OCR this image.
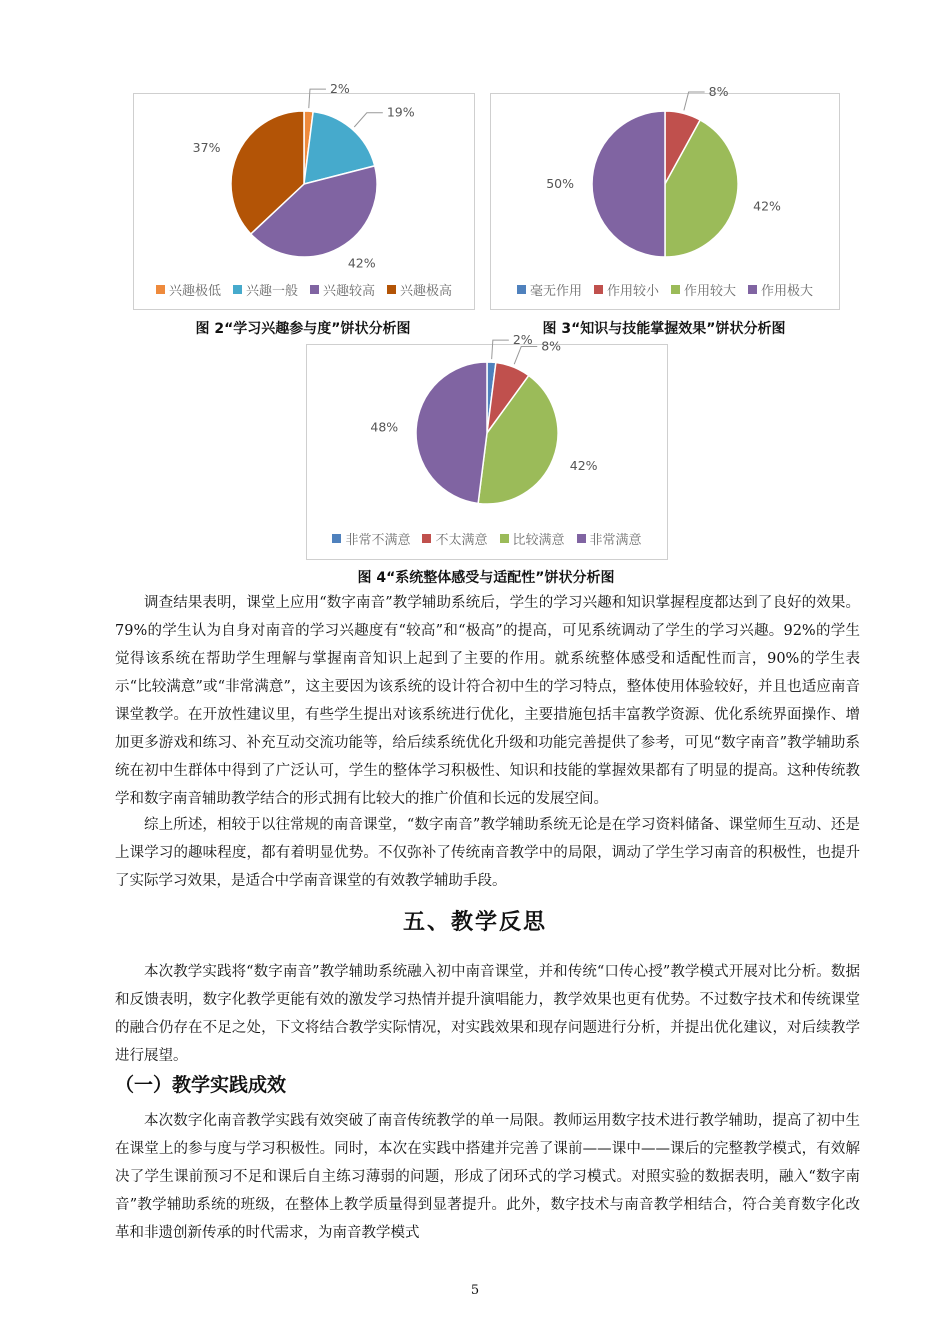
2%
19%
42%
37%
兴趣极低 兴趣一般 兴趣较高 兴趣极高
图 2“学习兴趣参与度”饼状分析图
8%
42%
50%
毫无作用 作用较小 作用较大 作用极大
图 3“知识与技能掌握效果”饼状分析图
2% 8%
42%
48%
非常不满意 不太满意 比较满意 非常满意
图 4“系统整体感受与适配性”饼状分析图

调查结果表明，课堂上应用“数字南音”教学辅助系统后，学生的学习兴趣和知识掌握程度都达到了良好的效果。79%的学生认为自身对南音的学习兴趣度有“较高”和“极高”的提高，可见系统调动了学生的学习兴趣。92%的学生觉得该系统在帮助学生理解与掌握南音知识上起到了主要的作用。就系统整体感受和适配性而言，90%的学生表示“比较满意”或“非常满意”，这主要因为该系统的设计符合初中生的学习特点，整体使用体验较好，并且也适应南音课堂教学。在开放性建议里，有些学生提出对该系统进行优化，主要措施包括丰富教学资源、优化系统界面操作、增加更多游戏和练习、补充互动交流功能等，给后续系统优化升级和功能完善提供了参考，可见“数字南音”教学辅助系统在初中生群体中得到了广泛认可，学生的整体学习积极性、知识和技能的掌握效果都有了明显的提高。这种传统教学和数字南音辅助教学结合的形式拥有比较大的推广价值和长远的发展空间。

综上所述，相较于以往常规的南音课堂，“数字南音”教学辅助系统无论是在学习资料储备、课堂师生互动、还是上课学习的趣味程度，都有着明显优势。不仅弥补了传统南音教学中的局限，调动了学生学习南音的积极性，也提升了实际学习效果，是适合中学南音课堂的有效教学辅助手段。

五、教学反思

本次教学实践将“数字南音”教学辅助系统融入初中南音课堂，并和传统“口传心授”教学模式开展对比分析。数据和反馈表明，数字化教学更能有效的激发学习热情并提升演唱能力，教学效果也更有优势。不过数字技术和传统课堂的融合仍存在不足之处，下文将结合教学实际情况，对实践效果和现存问题进行分析，并提出优化建议，对后续教学进行展望。

（一）教学实践成效

本次数字化南音教学实践有效突破了南音传统教学的单一局限。教师运用数字技术进行教学辅助，提高了初中生在课堂上的参与度与学习积极性。同时，本次在实践中搭建并完善了课前——课中——课后的完整教学模式，有效解决了学生课前预习不足和课后自主练习薄弱的问题，形成了闭环式的学习模式。对照实验的数据表明，融入“数字南音”教学辅助系统的班级，在整体上教学质量得到显著提升。此外，数字技术与南音教学相结合，符合美育数字化改革和非遗创新传承的时代需求，为南音教学模式

5
